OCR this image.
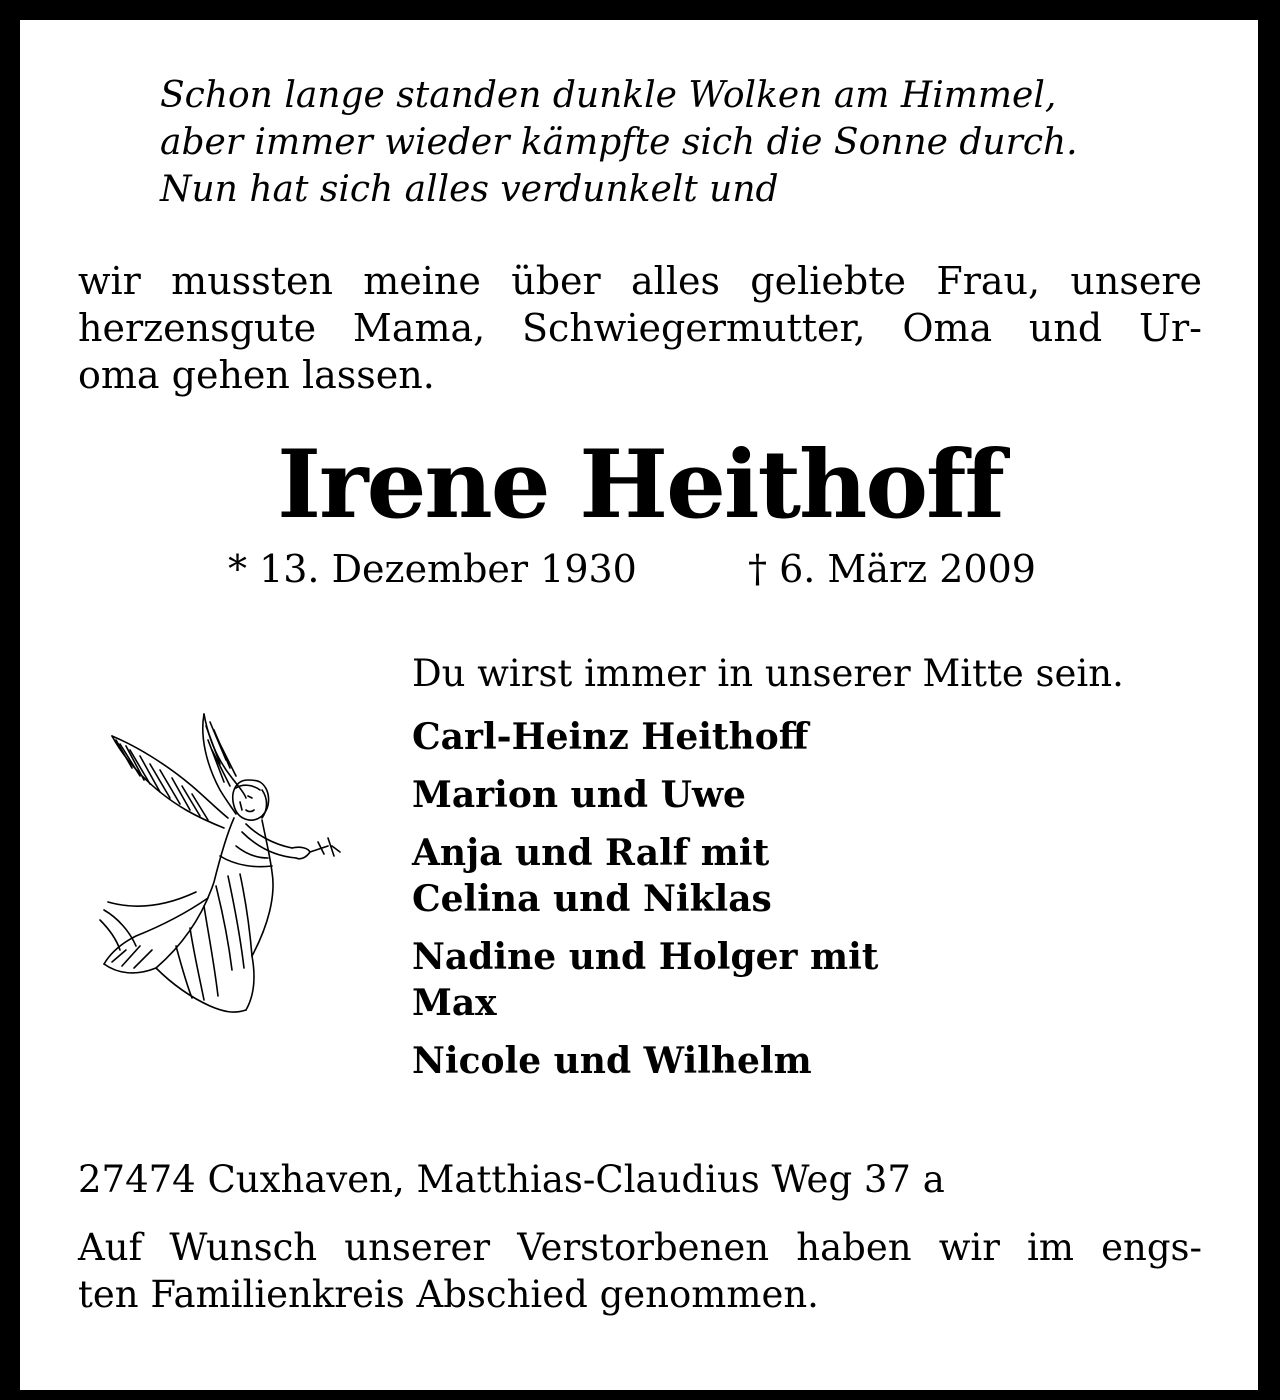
Schon lange standen dunkle Wolken am Himmel,
aber immer wieder kämpfte sich die Sonne durch.
Nun hat sich alles verdunkelt und
wir mussten meine über alles geliebte Frau, unsere
herzensgute Mama, Schwiegermutter, Oma und Ur-
oma gehen lassen.
Irene Heithoff
* 13. Dezember 1930	† 6. März 2009
Du wirst immer in unserer Mitte sein.
Carl-Heinz Heithoff
Marion und Uwe
Anja und Ralf mit
Celina und Niklas
Nadine und Holger mit
Max
Nicole und Wilhelm
27474 Cuxhaven, Matthias-Claudius Weg 37 a
Auf Wunsch unserer Verstorbenen haben wir im engs-
ten Familienkreis Abschied genommen.
